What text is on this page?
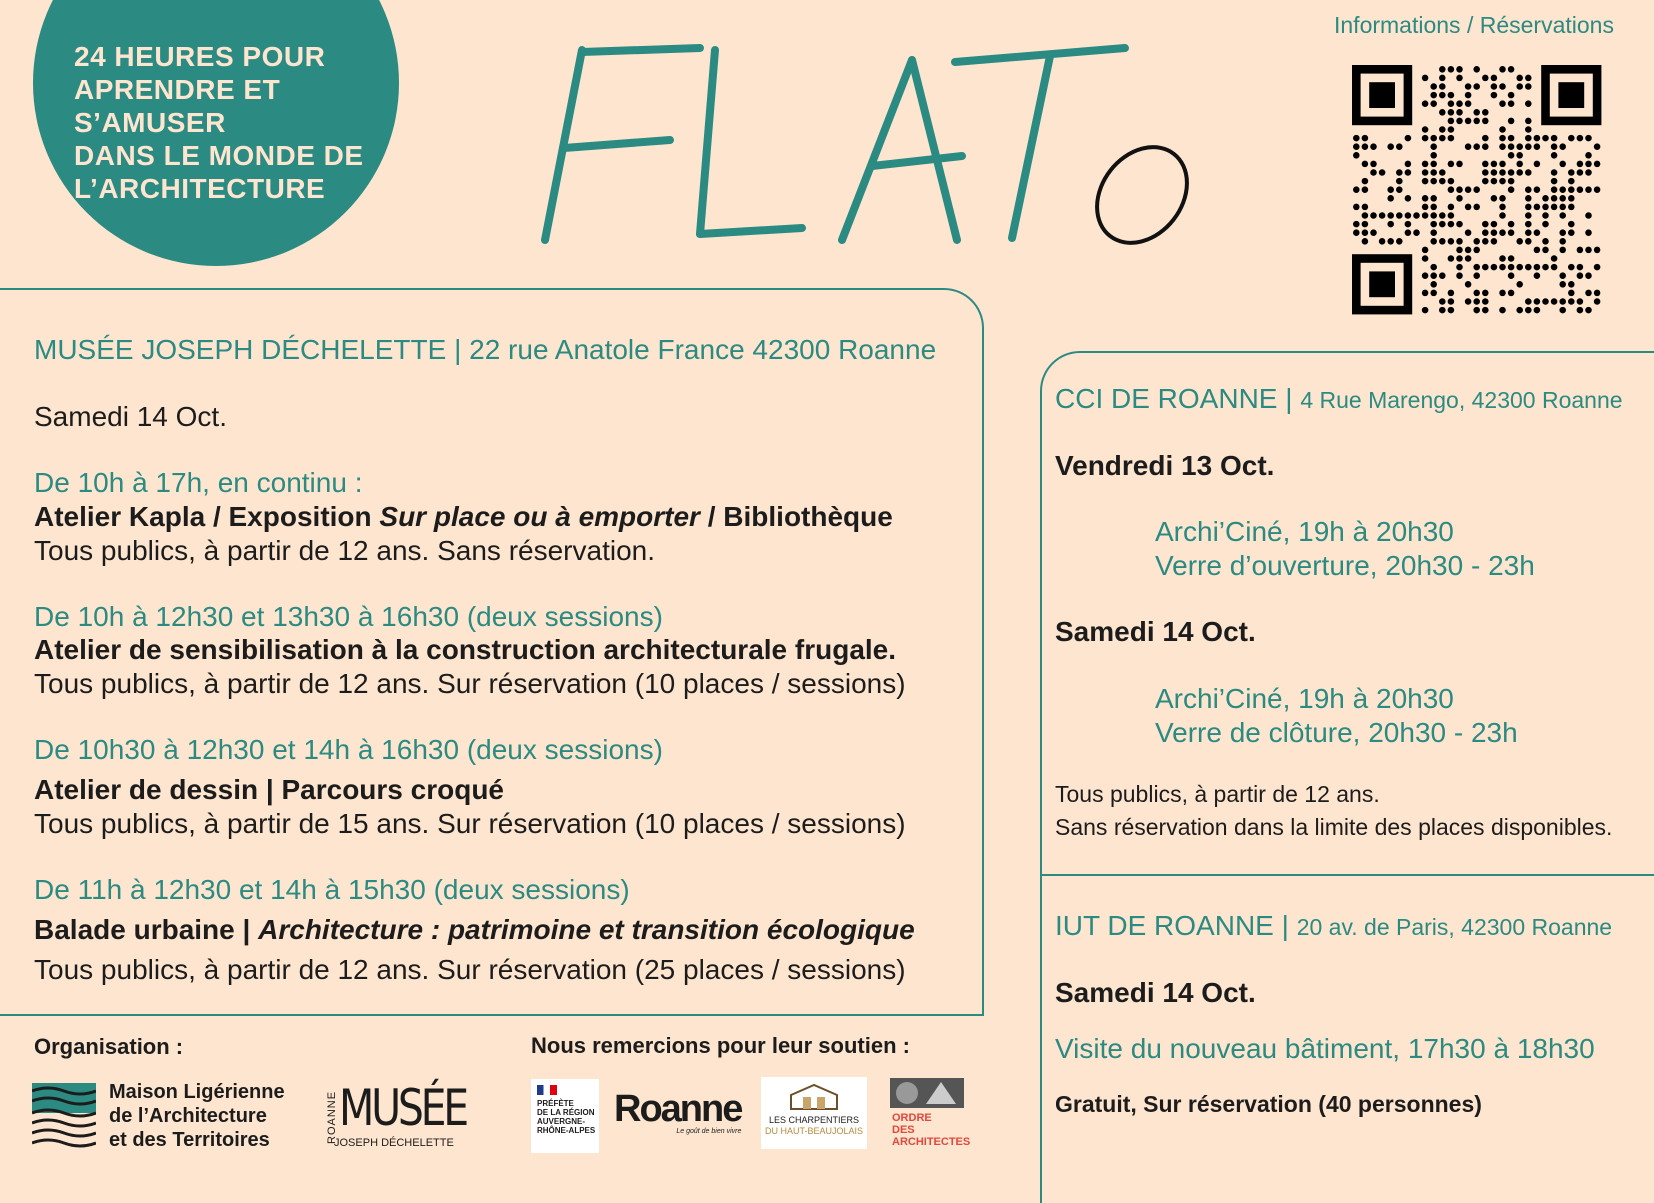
24 HEURES POUR
APRENDRE ET
S’AMUSER
DANS LE MONDE DE
L’ARCHITECTURE
Informations / Réservations
MUSÉE JOSEPH DÉCHELETTE | 22 rue Anatole France 42300 Roanne
Samedi 14 Oct.
De 10h à 17h, en continu :
Atelier Kapla / Exposition Sur place ou à emporter / Bibliothèque
Tous publics, à partir de 12 ans. Sans réservation.
De 10h à 12h30 et 13h30 à 16h30 (deux sessions)
Atelier de sensibilisation à la construction architecturale frugale.
Tous publics, à partir de 12 ans. Sur réservation (10 places / sessions)
De 10h30 à 12h30 et 14h à 16h30 (deux sessions)
Atelier de dessin | Parcours croqué
Tous publics, à partir de 15 ans. Sur réservation (10 places / sessions)
De 11h à 12h30 et 14h à 15h30 (deux sessions)
Balade urbaine | Architecture : patrimoine et transition écologique
Tous publics, à partir de 12 ans. Sur réservation (25 places / sessions)
CCI DE ROANNE | 4 Rue Marengo, 42300 Roanne
Vendredi 13 Oct.
Archi’Ciné, 19h à 20h30
Verre d’ouverture, 20h30 - 23h
Samedi 14 Oct.
Archi’Ciné, 19h à 20h30
Verre de clôture, 20h30 - 23h
Tous publics, à partir de 12 ans.
Sans réservation dans la limite des places disponibles.
IUT DE ROANNE | 20 av. de Paris, 42300 Roanne
Samedi 14 Oct.
Visite du nouveau bâtiment, 17h30 à 18h30
Gratuit, Sur réservation (40 personnes)
Organisation :	Nous remercions pour leur soutien :
Maison Ligérienne
de l’Architecture
et des Territoires	ROANNE MUSÉE
JOSEPH DÉCHELETTE
PRÉFÈTE
DE LA RÉGION
AUVERGNE-
RHÔNE-ALPES
Roanne
Le goût de bien vivre
LES CHARPENTIERS
DU HAUT-BEAUJOLAIS
ORDRE
DES
ARCHITECTES
